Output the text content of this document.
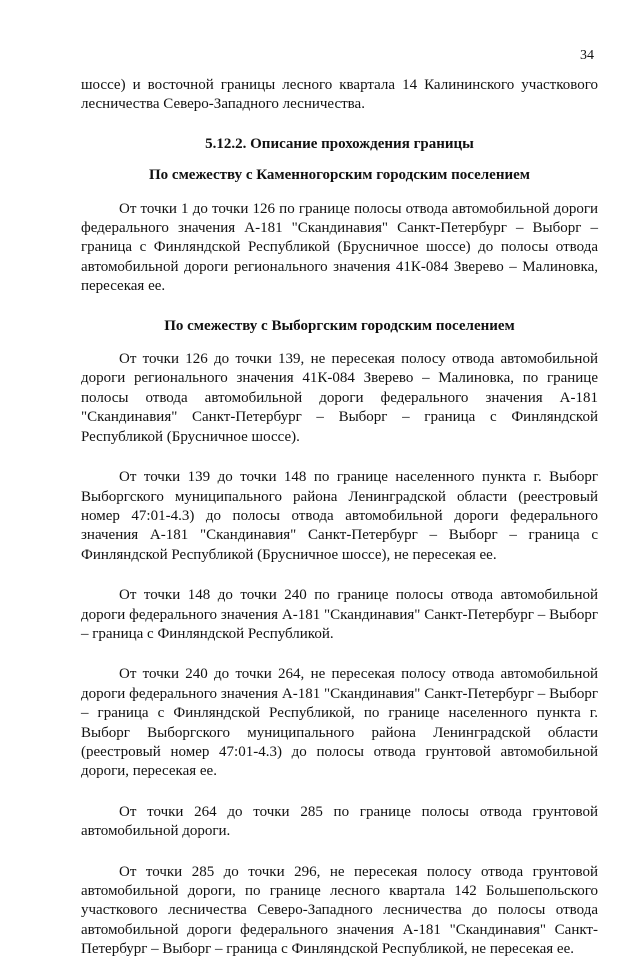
34

шоссе) и восточной границы лесного квартала 14 Калининского участкового лесничества Северо-Западного лесничества.

5.12.2. Описание прохождения границы
По смежеству с Каменногорским городским поселением

От точки 1 до точки 126 по границе полосы отвода автомобильной дороги федерального значения А-181 "Скандинавия" Санкт-Петербург – Выборг – граница с Финляндской Республикой (Брусничное шоссе) до полосы отвода автомобильной дороги регионального значения 41К-084 Зверево – Малиновка, пересекая ее.

По смежеству с Выборгским городским поселением

От точки 126 до точки 139, не пересекая полосу отвода автомобильной дороги регионального значения 41К-084 Зверево – Малиновка, по границе полосы отвода автомобильной дороги федерального значения А-181 "Скандинавия" Санкт-Петербург – Выборг – граница с Финляндской Республикой (Брусничное шоссе).

От точки 139 до точки 148 по границе населенного пункта г. Выборг Выборгского муниципального района Ленинградской области (реестровый номер 47:01-4.3) до полосы отвода автомобильной дороги федерального значения А-181 "Скандинавия" Санкт-Петербург – Выборг – граница с Финляндской Республикой (Брусничное шоссе), не пересекая ее.

От точки 148 до точки 240 по границе полосы отвода автомобильной дороги федерального значения А-181 "Скандинавия" Санкт-Петербург – Выборг – граница с Финляндской Республикой.

От точки 240 до точки 264, не пересекая полосу отвода автомобильной дороги федерального значения А-181 "Скандинавия" Санкт-Петербург – Выборг – граница с Финляндской Республикой, по границе населенного пункта г. Выборг Выборгского муниципального района Ленинградской области (реестровый номер 47:01-4.3) до полосы отвода грунтовой автомобильной дороги, пересекая ее.

От точки 264 до точки 285 по границе полосы отвода грунтовой автомобильной дороги.

От точки 285 до точки 296, не пересекая полосу отвода грунтовой автомобильной дороги, по границе лесного квартала 142 Большепольского участкового лесничества Северо-Западного лесничества до полосы отвода автомобильной дороги федерального значения А-181 "Скандинавия" Санкт-Петербург – Выборг – граница с Финляндской Республикой, не пересекая ее.
